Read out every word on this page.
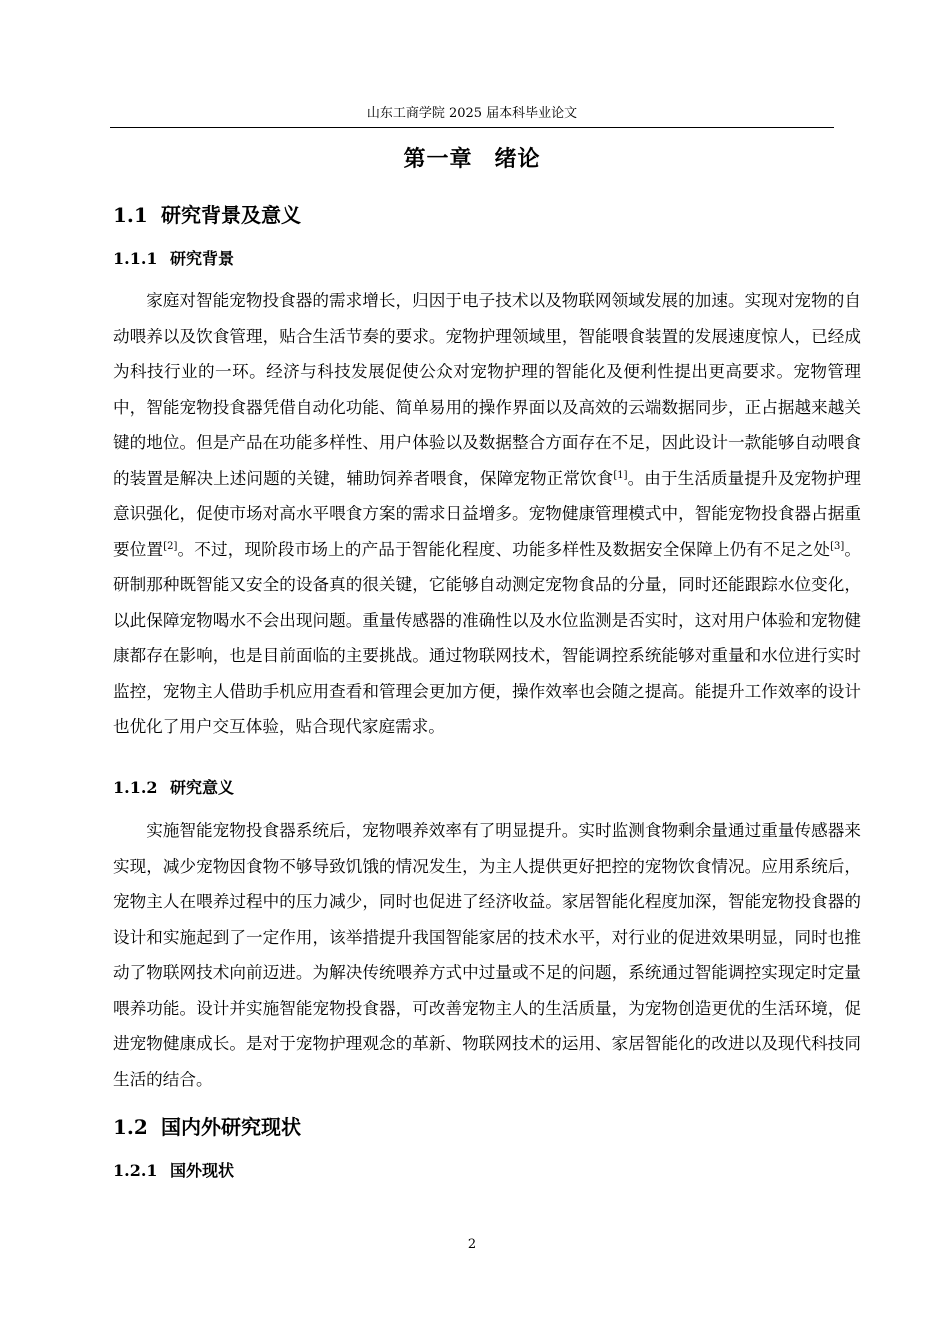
山东工商学院 2025 届本科毕业论文
第一章 绪论
1.1 研究背景及意义
1.1.1 研究背景

家庭对智能宠物投食器的需求增长，归因于电子技术以及物联网领域发展的加速。实现对宠物的自动喂养以及饮食管理，贴合生活节奏的要求。宠物护理领域里，智能喂食装置的发展速度惊人，已经成为科技行业的一环。经济与科技发展促使公众对宠物护理的智能化及便利性提出更高要求。宠物管理中，智能宠物投食器凭借自动化功能、简单易用的操作界面以及高效的云端数据同步，正占据越来越关键的地位。但是产品在功能多样性、用户体验以及数据整合方面存在不足，因此设计一款能够自动喂食的装置是解决上述问题的关键，辅助饲养者喂食，保障宠物正常饮食[1]。由于生活质量提升及宠物护理意识强化，促使市场对高水平喂食方案的需求日益增多。宠物健康管理模式中，智能宠物投食器占据重要位置[2]。不过，现阶段市场上的产品于智能化程度、功能多样性及数据安全保障上仍有不足之处[3]。研制那种既智能又安全的设备真的很关键，它能够自动测定宠物食品的分量，同时还能跟踪水位变化，以此保障宠物喝水不会出现问题。重量传感器的准确性以及水位监测是否实时，这对用户体验和宠物健康都存在影响，也是目前面临的主要挑战。通过物联网技术，智能调控系统能够对重量和水位进行实时监控，宠物主人借助手机应用查看和管理会更加方便，操作效率也会随之提高。能提升工作效率的设计也优化了用户交互体验，贴合现代家庭需求。

1.1.2 研究意义

实施智能宠物投食器系统后，宠物喂养效率有了明显提升。实时监测食物剩余量通过重量传感器来实现，减少宠物因食物不够导致饥饿的情况发生，为主人提供更好把控的宠物饮食情况。应用系统后，宠物主人在喂养过程中的压力减少，同时也促进了经济收益。家居智能化程度加深，智能宠物投食器的设计和实施起到了一定作用，该举措提升我国智能家居的技术水平，对行业的促进效果明显，同时也推动了物联网技术向前迈进。为解决传统喂养方式中过量或不足的问题，系统通过智能调控实现定时定量喂养功能。设计并实施智能宠物投食器，可改善宠物主人的生活质量，为宠物创造更优的生活环境，促进宠物健康成长。是对于宠物护理观念的革新、物联网技术的运用、家居智能化的改进以及现代科技同生活的结合。

1.2 国内外研究现状
1.2.1 国外现状
2
